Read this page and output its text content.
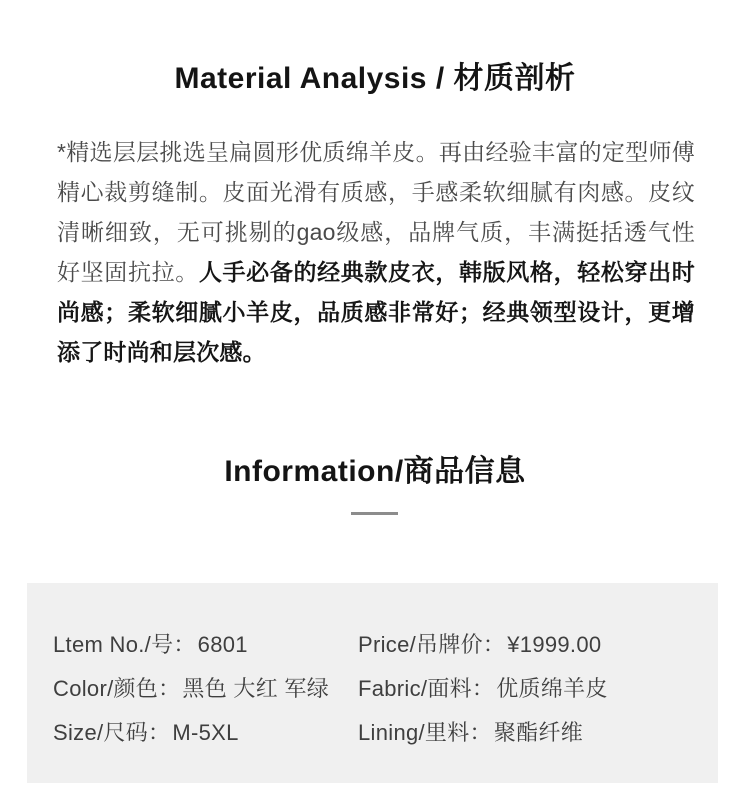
Material Analysis / 材质剖析

*精选层层挑选呈扁圆形优质绵羊皮。再由经验丰富的定型师傅精心裁剪缝制。皮面光滑有质感，手感柔软细腻有肉感。皮纹清晰细致，无可挑剔的gao级感，品牌气质，丰满挺括透气性好坚固抗拉。人手必备的经典款皮衣，韩版风格，轻松穿出时尚感；柔软细腻小羊皮，品质感非常好；经典领型设计，更增添了时尚和层次感。

Information/商品信息
Ltem No./号：6801	Price/吊牌价：¥1999.00
Color/颜色：黑色 大红 军绿	Fabric/面料：优质绵羊皮
Size/尺码：M-5XL	Lining/里料：聚酯纤维
